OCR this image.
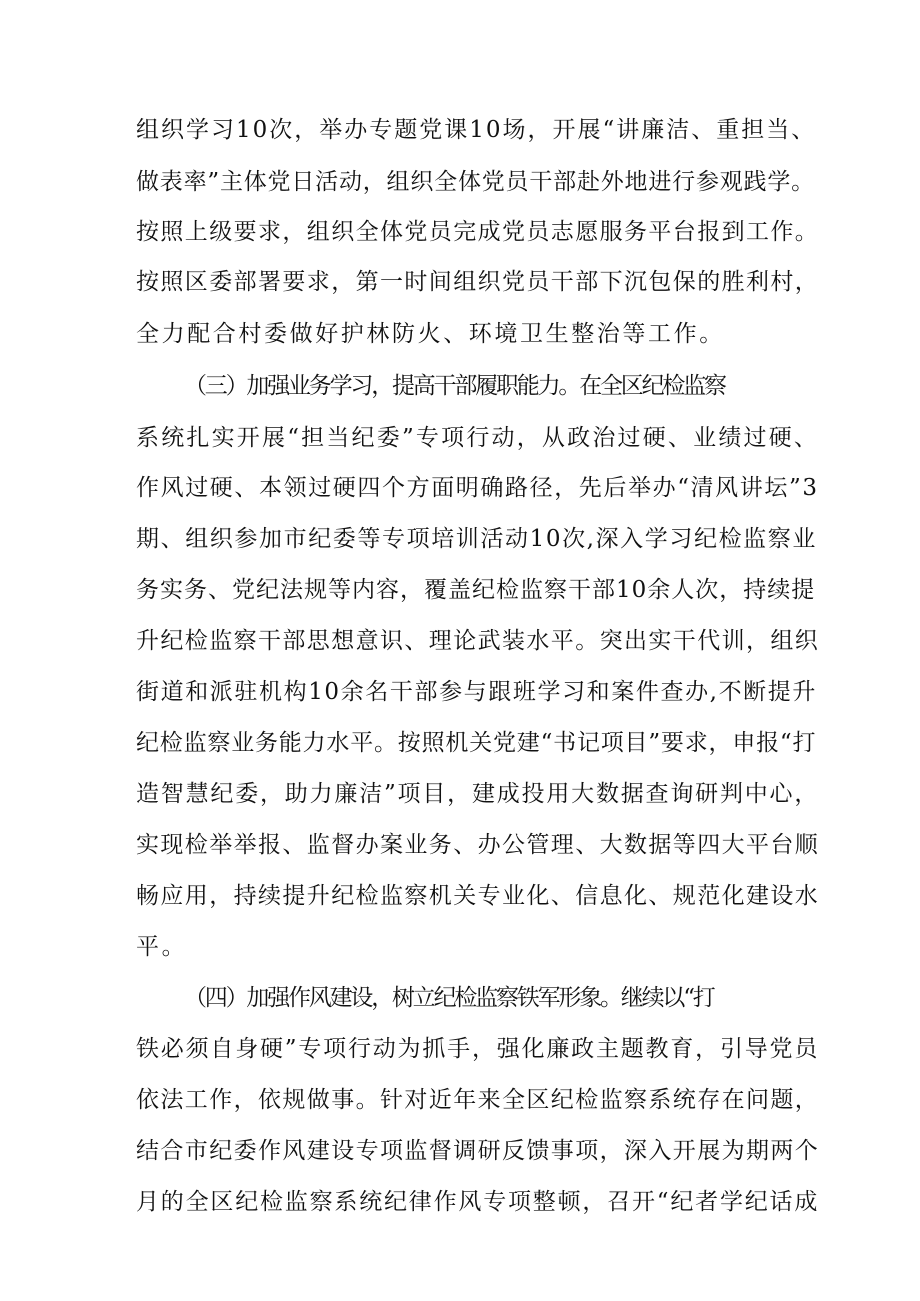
组织学习10次，举办专题党课10场，开展“讲廉洁、重担当、
做表率”主体党日活动，组织全体党员干部赴外地进行参观践学。
按照上级要求，组织全体党员完成党员志愿服务平台报到工作。
按照区委部署要求，第一时间组织党员干部下沉包保的胜利村，
全力配合村委做好护林防火、环境卫生整治等工作。
（三）加强业务学习，提高干部履职能力。在全区纪检监察
系统扎实开展“担当纪委”专项行动，从政治过硬、业绩过硬、
作风过硬、本领过硬四个方面明确路径，先后举办“清风讲坛”3
期、组织参加市纪委等专项培训活动10次,深入学习纪检监察业
务实务、党纪法规等内容，覆盖纪检监察干部10余人次，持续提
升纪检监察干部思想意识、理论武装水平。突出实干代训，组织
街道和派驻机构10余名干部参与跟班学习和案件查办,不断提升
纪检监察业务能力水平。按照机关党建“书记项目”要求，申报“打
造智慧纪委，助力廉洁”项目，建成投用大数据查询研判中心，
实现检举举报、监督办案业务、办公管理、大数据等四大平台顺
畅应用，持续提升纪检监察机关专业化、信息化、规范化建设水
平。
（四）加强作风建设，树立纪检监察铁军形象。继续以“打
铁必须自身硬”专项行动为抓手，强化廉政主题教育，引导党员
依法工作，依规做事。针对近年来全区纪检监察系统存在问题，
结合市纪委作风建设专项监督调研反馈事项，深入开展为期两个
月的全区纪检监察系统纪律作风专项整顿，召开“纪者学纪话成
